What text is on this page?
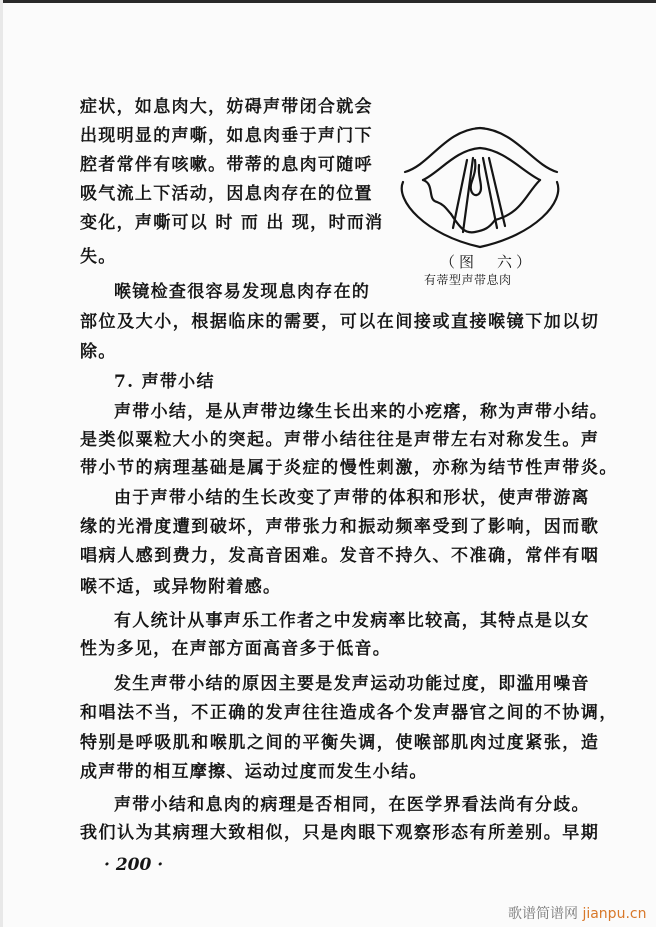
症状，如息肉大，妨碍声带闭合就会
出现明显的声嘶，如息肉垂于声门下
腔者常伴有咳嗽。带蒂的息肉可随呼
吸气流上下活动，因息肉存在的位置
变化，声嘶可以 时 而 出 现，时而消
失。
喉镜检查很容易发现息肉存在的
部位及大小，根据临床的需要，可以在间接或直接喉镜下加以切
除。
7. 声带小结
声带小结，是从声带边缘生长出来的小疙瘩，称为声带小结。
是类似粟粒大小的突起。声带小结往往是声带左右对称发生。声
带小节的病理基础是属于炎症的慢性刺激，亦称为结节性声带炎。
由于声带小结的生长改变了声带的体积和形状，使声带游离
缘的光滑度遭到破坏，声带张力和振动频率受到了影响，因而歌
唱病人感到费力，发高音困难。发音不持久、不准确，常伴有咽
喉不适，或异物附着感。
有人统计从事声乐工作者之中发病率比较高，其特点是以女
性为多见，在声部方面高音多于低音。
发生声带小结的原因主要是发声运动功能过度，即滥用噪音
和唱法不当，不正确的发声往往造成各个发声器官之间的不协调，
特别是呼吸肌和喉肌之间的平衡失调，使喉部肌肉过度紧张，造
成声带的相互摩擦、运动过度而发生小结。
声带小结和息肉的病理是否相同，在医学界看法尚有分歧。
我们认为其病理大致相似，只是肉眼下观察形态有所差别。早期
（图　六）
有蒂型声带息肉
· 200 ·
歌谱简谱网 jianpu.cn
